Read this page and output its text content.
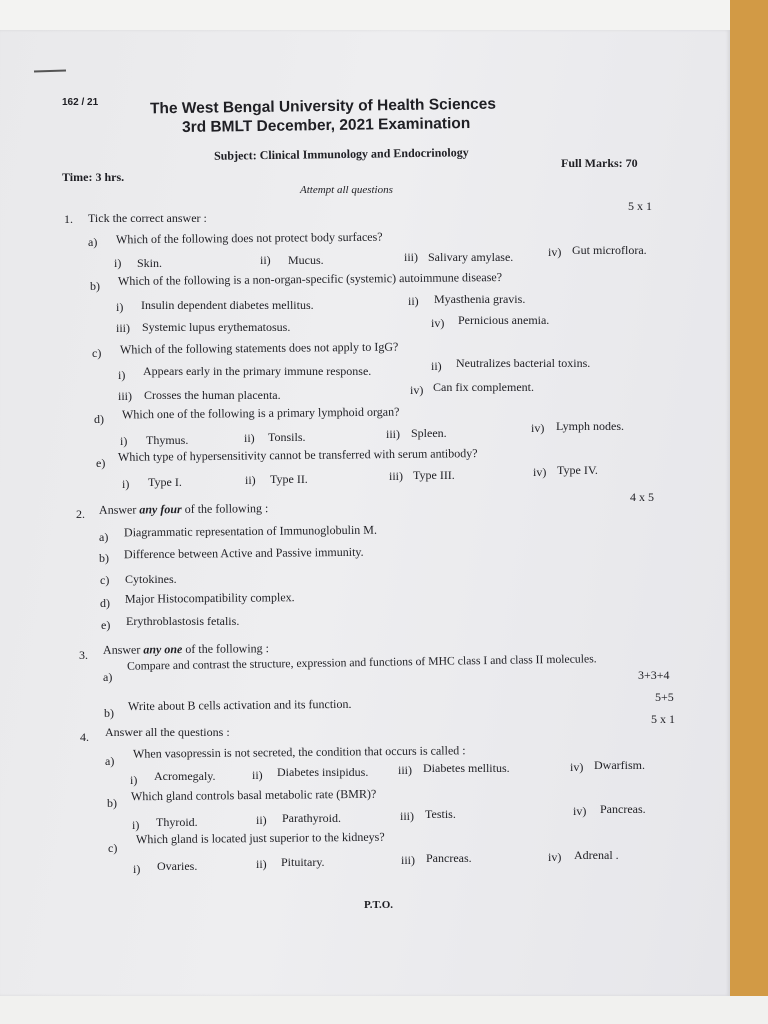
162 / 21	The West Bengal University of Health Sciences
3rd BMLT December, 2021 Examination
Subject: Clinical Immunology and Endocrinology
Time: 3 hrs.
Full Marks: 70
Attempt all questions
5 x 1
1. Tick the correct answer :
a) Which of the following does not protect body surfaces?
i) Skin.	ii) Mucus.	iii) Salivary amylase.	iv) Gut microflora.
b) Which of the following is a non-organ-specific (systemic) autoimmune disease?
i) Insulin dependent diabetes mellitus.	ii) Myasthenia gravis.
iii) Systemic lupus erythematosus.	iv) Pernicious anemia.
c) Which of the following statements does not apply to IgG?
i) Appears early in the primary immune response.	ii) Neutralizes bacterial toxins.
iii) Crosses the human placenta.	iv) Can fix complement.
d) Which one of the following is a primary lymphoid organ?
i) Thymus.	ii) Tonsils.	iii) Spleen.	iv) Lymph nodes.
e) Which type of hypersensitivity cannot be transferred with serum antibody?
i) Type I.	ii) Type II.	iii) Type III.	iv) Type IV.
4 x 5
2. Answer any four of the following :
a) Diagrammatic representation of Immunoglobulin M.
b) Difference between Active and Passive immunity.
c) Cytokines.
d) Major Histocompatibility complex.
e) Erythroblastosis fetalis.
3. Answer any one of the following :
a)
Compare and contrast the structure, expression and functions of MHC class I and class II molecules.
3+3+4
5+5
b) Write about B cells activation and its function.
5 x 1
4. Answer all the questions :
a)
When vasopressin is not secreted, the condition that occurs is called :
i) Acromegaly.	ii) Diabetes insipidus. iii) Diabetes mellitus.	iv) Dwarfism.
b) Which gland controls basal metabolic rate (BMR)?
i) Thyroid.	ii) Parathyroid.	iii) Testis.	iv) Pancreas.
c)
Which gland is located just superior to the kidneys?
i) Ovaries.	ii) Pituitary.	iii) Pancreas.	iv) Adrenal .
P.T.O.
